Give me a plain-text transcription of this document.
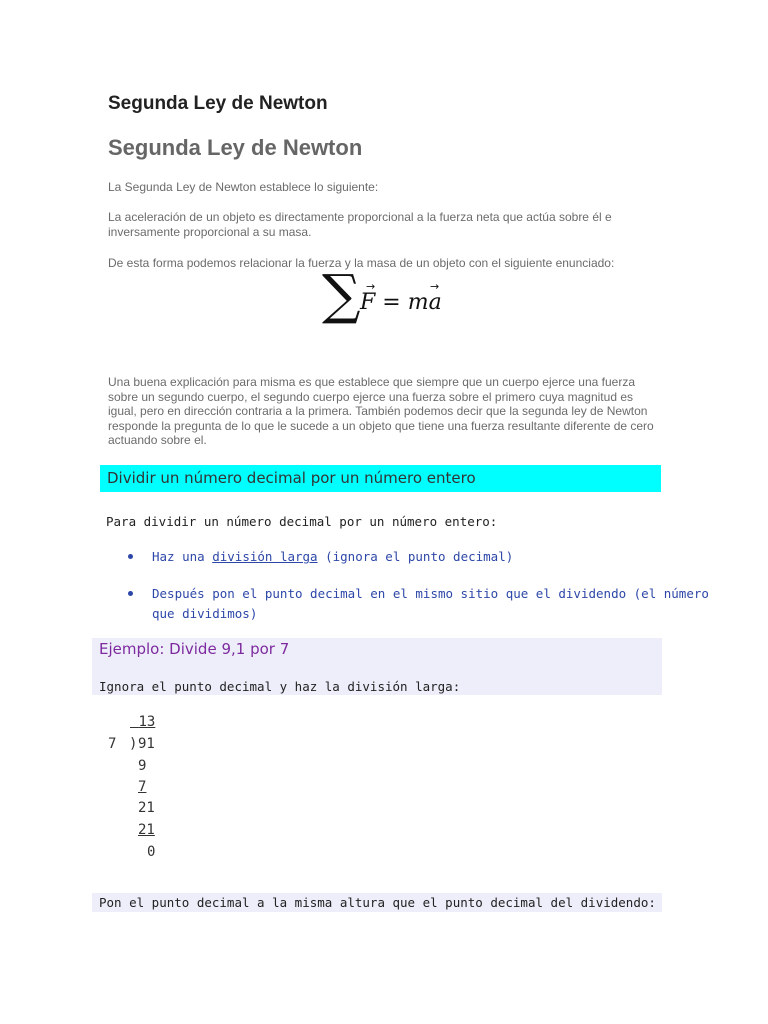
Segunda Ley de Newton
Segunda Ley de Newton
La Segunda Ley de Newton establece lo siguiente:
La aceleración de un objeto es directamente proporcional a la fuerza neta que actúa sobre él e inversamente proporcional a su masa.
De esta forma podemos relacionar la fuerza y la masa de un objeto con el siguiente enunciado:
∑ →	→
F = ma
Una buena explicación para misma es que establece que siempre que un cuerpo ejerce una fuerza sobre un segundo cuerpo, el segundo cuerpo ejerce una fuerza sobre el primero cuya magnitud es igual, pero en dirección contraria a la primera. También podemos decir que la segunda ley de Newton responde la pregunta de lo que le sucede a un objeto que tiene una fuerza resultante diferente de cero actuando sobre el.
Dividir un número decimal por un número entero
Para dividir un número decimal por un número entero:
Haz una división larga (ignora el punto decimal)
Después pon el punto decimal en el mismo sitio que el dividendo (el número
que dividimos)
Ejemplo: Divide 9,1 por 7
Ignora el punto decimal y haz la división larga:
13
7 ) 91
9
7
21
21
0
Pon el punto decimal a la misma altura que el punto decimal del dividendo:
